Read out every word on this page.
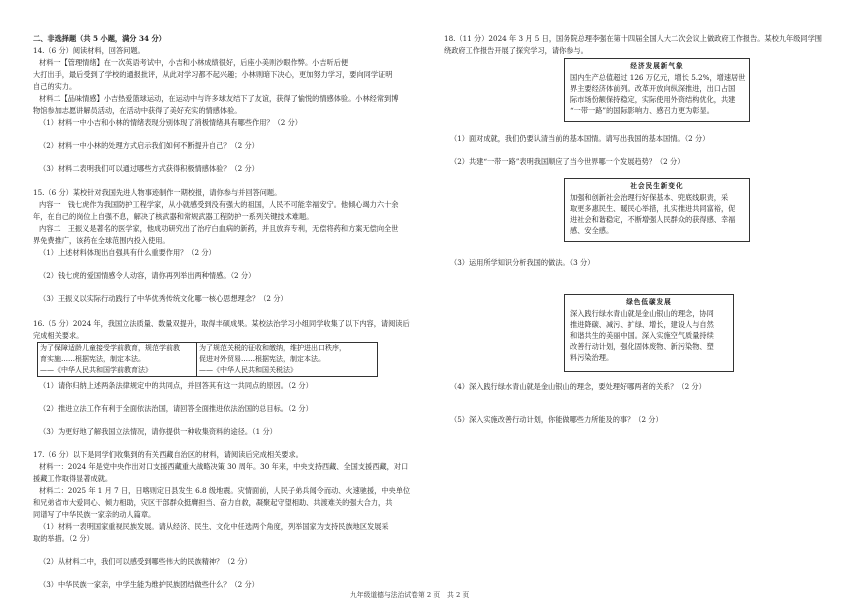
二、非选择题（共 5 小题，满分 34 分）
14.（6 分）阅读材料，回答问题。
材料一【管理情绪】在一次英语考试中，小吉和小林成绩很好，后座小美则沙眼作弊。小吉听后便
大打出手，最后受到了学校的通报批评，从此对学习都不起兴趣；小林则暗下决心，更加努力学习，要向同学证明
自己的实力。
材料二【品味情感】小吉热爱篮球运动，在运动中与许多球友结下了友谊，获得了愉悦的情感体验。小林经常到博
物馆参加志愿讲解员活动，在活动中获得了美好充实的情感体验。
（1）材料一中小吉和小林的情绪表现分别体现了消极情绪具有哪些作用？（2 分）
（2）材料一中小林的处理方式启示我们如何不断提升自己？（2 分）
（3）材料二表明我们可以通过哪些方式获得积极情感体验？（2 分）
15.（6 分）某校针对我国先进人物事迹制作一期校报，请你参与并回答问题。
内容一　钱七虎作为我国防护工程学家，从小就感受到没有强大的祖国，人民不可能幸福安宁。他倾心竭力六十余
年，在自己的岗位上自强不息，解决了核武器和常规武器工程防护一系列关键技术难题。
内容二　王振义是著名的医学家，他成功研究出了治疗白血病的新药，并且放弃专利，无偿将药和方案无偿向全世
界免费推广，该药在全球范围内投入使用。
（1）上述材料体现出自强具有什么重要作用？（2 分）
（2）钱七虎的爱国情感令人动容，请你再列举出两种情感。（2 分）
（3）王振义以实际行动践行了中华优秀传统文化哪一核心思想理念？（2 分）
16.（5 分）2024 年，我国立法质量、数量双提升，取得丰硕成果。某校法治学习小组同学收集了以下内容，请阅读后
完成相关要求。
为了保障适龄儿童接受学前教育，规范学前教
育实施……根据宪法，制定本法。
——《中华人民共和国学前教育法》

为了规范关税的征收和缴纳，维护进出口秩序，
促进对外贸易……根据宪法，制定本法。
——《中华人民共和国关税法》
（1）请你归纳上述两条法律规定中的共同点，并回答其有这一共同点的原因。（2 分）
（2）推进立法工作有利于全面依法治国，请回答全面推进依法治国的总目标。（2 分）
（3）为更好地了解我国立法情况，请你提供一种收集资料的途径。（1 分）
17.（6 分）以下是同学们收集到的有关西藏自治区的材料，请阅读后完成相关要求。
材料一：2024 年是党中央作出对口支援西藏重大战略决策 30 周年。30 年来，中央支持西藏、全国支援西藏，对口
援藏工作取得显著成就。
材料二：2025 年 1 月 7 日，日喀则定日县发生 6.8 级地震。灾情面前，人民子弟兵闻令而动、火速驰援，中央单位
和兄弟省市大爱同心、倾力相助，灾区干部群众挺膺担当、奋力自救，凝聚起守望相助、共渡难关的强大合力，共
同谱写了中华民族一家亲的动人篇章。
（1）材料一表明国家重视民族发展。请从经济、民生、文化中任选两个角度，列举国家为支持民族地区发展采
取的举措。（2 分）
（2）从材料二中，我们可以感受到哪些伟大的民族精神？（2 分）
（3）中华民族一家亲，中学生能为维护民族团结做些什么？（2 分）
18.（11 分）2024 年 3 月 5 日，国务院总理李强在第十四届全国人大二次会议上做政府工作报告。某校九年级同学围
绕政府工作报告开展了探究学习，请你参与。
经济发展新气象
国内生产总值超过 126 万亿元，增长 5.2%，增速居世
界主要经济体前列。改革开放向纵深推进，出口占国
际市场份额保持稳定，实际使用外资结构优化，共建
“一带一路”的国际影响力、感召力更为彰显。
（1）面对成就，我们仍要认清当前的基本国情。请写出我国的基本国情。（2 分）
（2）共建“一带一路”表明我国顺应了当今世界哪一个发展趋势？（2 分）
社会民生新变化
加强和创新社会治理行好保基本、兜底线职责，采
取更多惠民生、暖民心举措，扎实推进共同富裕，促
进社会和谐稳定，不断增强人民群众的获得感、幸福
感、安全感。
（3）运用所学知识分析我国的做法。（3 分）
绿色低碳发展
深入践行绿水青山就是金山银山的理念，协同
推进降碳、减污、扩绿、增长，建设人与自然
和谐共生的美丽中国。深入实施空气质量持续
改善行动计划，强化固体废物、新污染物、塑
料污染治理。
（4）深入践行绿水青山就是金山银山的理念，要处理好哪两者的关系？（2 分）
（5）深入实施改善行动计划，你能做哪些力所能及的事？（2 分）
九年级道德与法治试卷第 2 页　共 2 页
